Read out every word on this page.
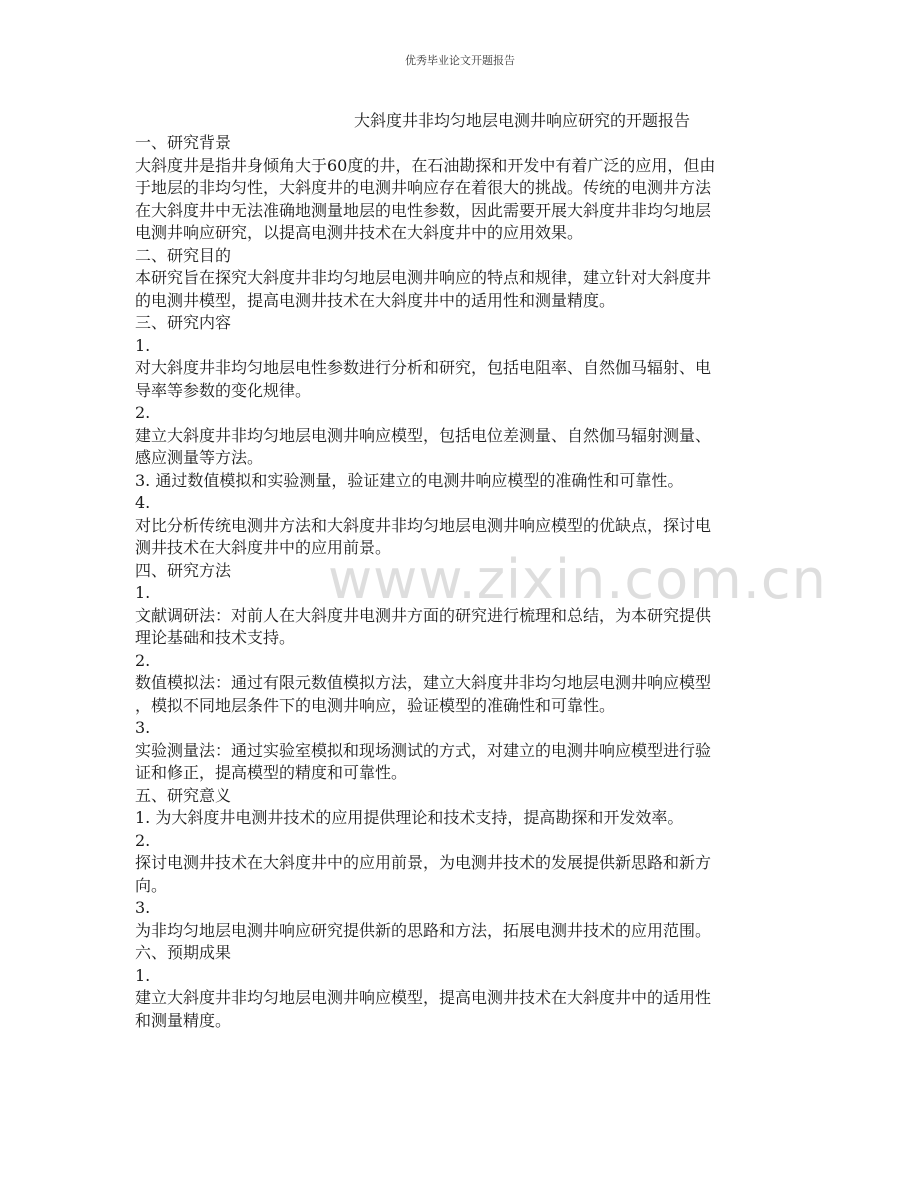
优秀毕业论文开题报告
大斜度井非均匀地层电测井响应研究的开题报告
一、研究背景
大斜度井是指井身倾角大于60度的井，在石油勘探和开发中有着广泛的应用，但由
于地层的非均匀性，大斜度井的电测井响应存在着很大的挑战。传统的电测井方法
在大斜度井中无法准确地测量地层的电性参数，因此需要开展大斜度井非均匀地层
电测井响应研究，以提高电测井技术在大斜度井中的应用效果。
二、研究目的
本研究旨在探究大斜度井非均匀地层电测井响应的特点和规律，建立针对大斜度井
的电测井模型，提高电测井技术在大斜度井中的适用性和测量精度。
三、研究内容
1.
对大斜度井非均匀地层电性参数进行分析和研究，包括电阻率、自然伽马辐射、电
导率等参数的变化规律。
2.
建立大斜度井非均匀地层电测井响应模型，包括电位差测量、自然伽马辐射测量、
感应测量等方法。
3. 通过数值模拟和实验测量，验证建立的电测井响应模型的准确性和可靠性。
4.
对比分析传统电测井方法和大斜度井非均匀地层电测井响应模型的优缺点，探讨电
测井技术在大斜度井中的应用前景。
四、研究方法
1.
文献调研法：对前人在大斜度井电测井方面的研究进行梳理和总结，为本研究提供
理论基础和技术支持。
2.
数值模拟法：通过有限元数值模拟方法，建立大斜度井非均匀地层电测井响应模型
，模拟不同地层条件下的电测井响应，验证模型的准确性和可靠性。
3.
实验测量法：通过实验室模拟和现场测试的方式，对建立的电测井响应模型进行验
证和修正，提高模型的精度和可靠性。
五、研究意义
1. 为大斜度井电测井技术的应用提供理论和技术支持，提高勘探和开发效率。
2.
探讨电测井技术在大斜度井中的应用前景，为电测井技术的发展提供新思路和新方
向。
3.
为非均匀地层电测井响应研究提供新的思路和方法，拓展电测井技术的应用范围。
六、预期成果
1.
建立大斜度井非均匀地层电测井响应模型，提高电测井技术在大斜度井中的适用性
和测量精度。
www.zixin.com.cn
